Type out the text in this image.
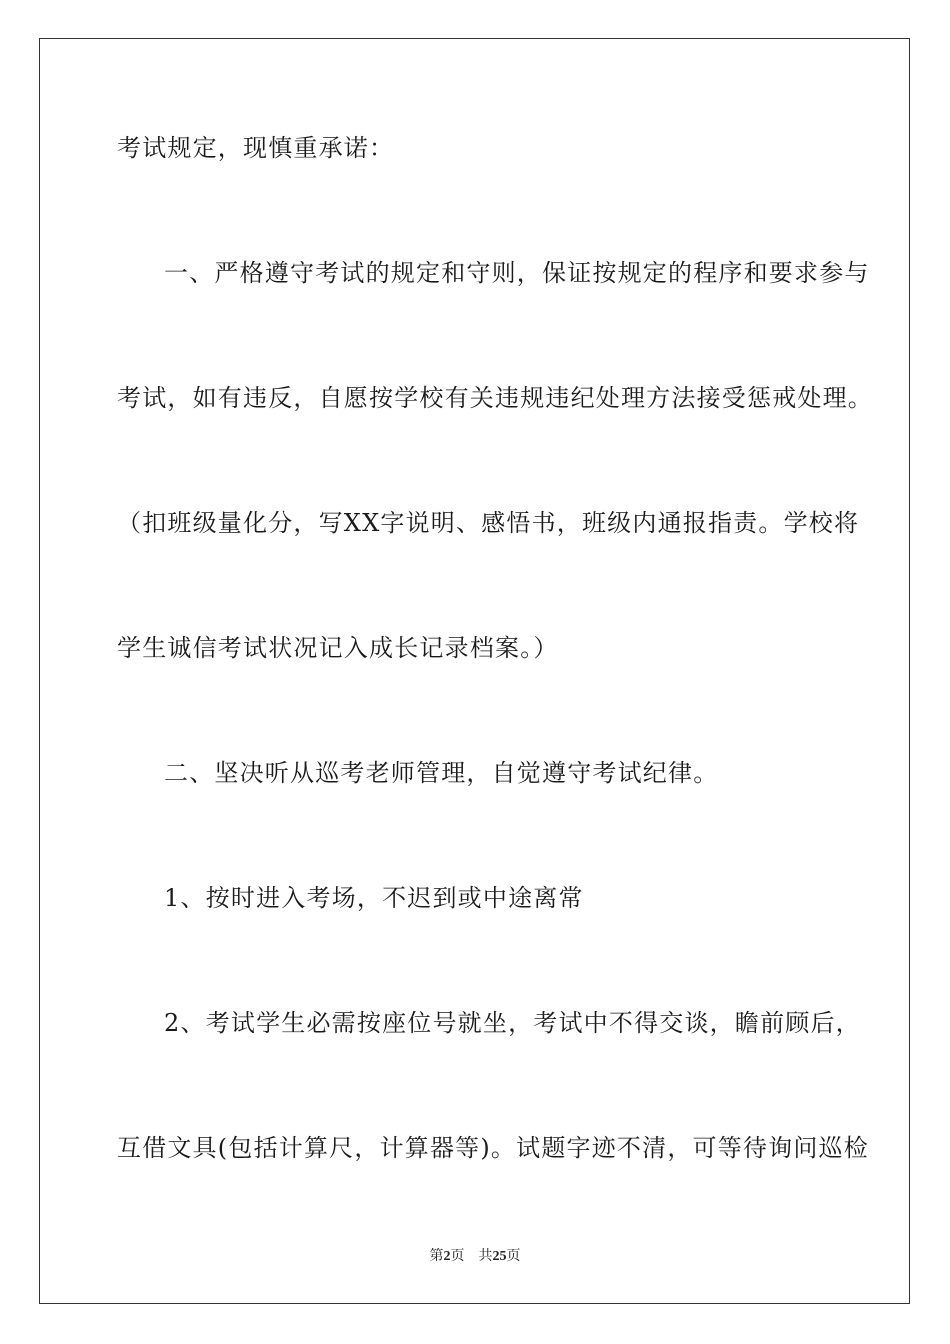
考试规定，现慎重承诺：
一、严格遵守考试的规定和守则，保证按规定的程序和要求参与
考试，如有违反，自愿按学校有关违规违纪处理方法接受惩戒处理。
（扣班级量化分，写XX字说明、感悟书，班级内通报指责。学校将
学生诚信考试状况记入成长记录档案。）
二、坚决听从巡考老师管理，自觉遵守考试纪律。
1、按时进入考场，不迟到或中途离常
2、考试学生必需按座位号就坐，考试中不得交谈，瞻前顾后，
互借文具(包括计算尺，计算器等)。试题字迹不清，可等待询问巡检
第2页 共25页
